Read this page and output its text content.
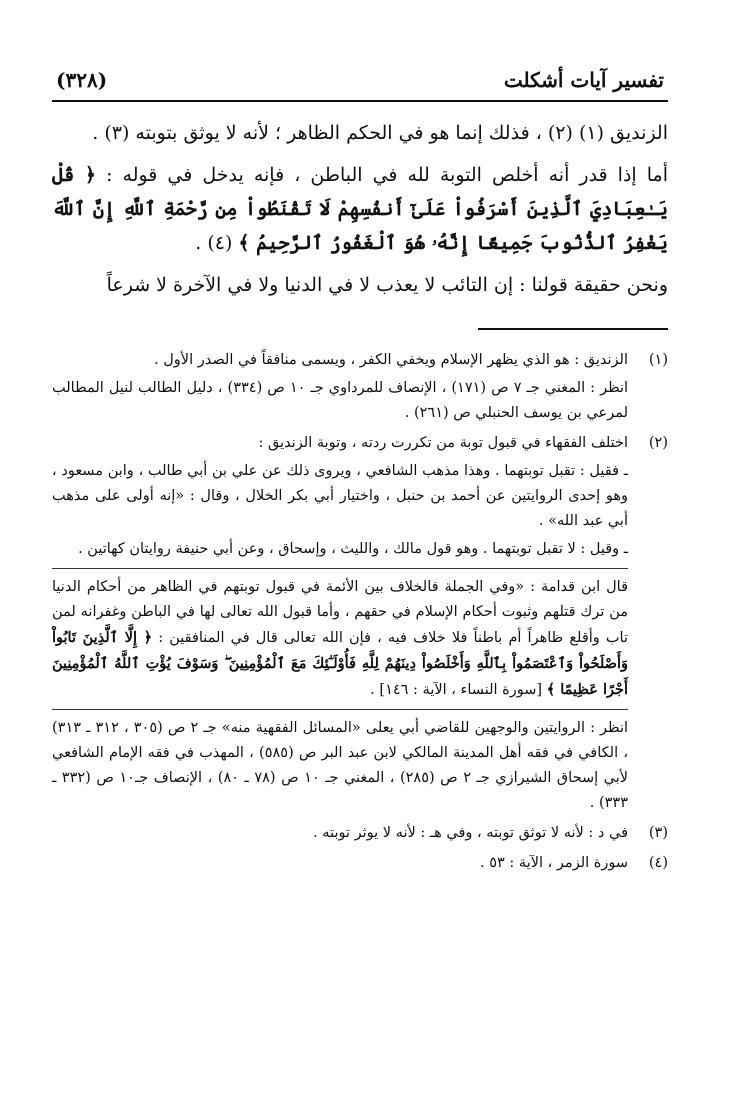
تفسير آيات أشكلت
(٣٢٨)

الزنديق (١) (٢) ، فذلك إنما هو في الحكم الظاهر ؛ لأنه لا يوثق بتوبته (٣) .

أما إذا قدر أنه أخلص التوبة لله في الباطن ، فإنه يدخل في قوله : ﴿ قُلْ يَـٰعِبَادِيَ ٱلَّذِينَ أَسْرَفُواْ عَلَىٰٓ أَنفُسِهِمْ لَا تَقْنَطُواْ مِن رَّحْمَةِ ٱللَّهِ إِنَّ ٱللَّهَ يَغْفِرُ ٱلذُّنُوبَ جَمِيعًا إِنَّهُۥ هُوَ ٱلْغَفُورُ ٱلرَّحِيمُ ﴾ (٤) .

ونحن حقيقة قولنا : إن التائب لا يعذب لا في الدنيا ولا في الآخرة لا شرعاً

(١)

الزنديق : هو الذي يظهر الإسلام ويخفي الكفر ، ويسمى منافقاً في الصدر الأول .

انظر : المغني جـ ٧ ص (١٧١) ، الإنصاف للمرداوي جـ ١٠ ص (٣٣٤) ، دليل الطالب لنيل المطالب لمرعي بن يوسف الحنبلي ص (٢٦١) .

(٢)

اختلف الفقهاء في قبول توبة من تكررت ردته ، وتوبة الزنديق :

ـ فقيل : تقبل توبتهما . وهذا مذهب الشافعي ، ويروى ذلك عن علي بن أبي طالب ، وابن مسعود ، وهو إحدى الروايتين عن أحمد بن حنبل ، واختيار أبي بكر الخلال ، وقال : «إنه أولى على مذهب أبي عبد الله» .

ـ وقيل : لا تقبل توبتهما . وهو قول مالك ، والليث ، وإسحاق ، وعن أبي حنيفة روايتان كهاتين .

قال ابن قدامة : «وفي الجملة فالخلاف بين الأئمة في قبول توبتهم في الظاهر من أحكام الدنيا من ترك قتلهم وثبوت أحكام الإسلام في حقهم ، وأما قبول الله تعالى لها في الباطن وغفرانه لمن تاب وأقلع ظاهراً أم باطناً فلا خلاف فيه ، فإن الله تعالى قال في المنافقين : ﴿ إِلَّا ٱلَّذِينَ تَابُواْ وَأَصْلَحُواْ وَٱعْتَصَمُواْ بِٱللَّهِ وَأَخْلَصُواْ دِينَهُمْ لِلَّهِ فَأُوْلَـٰٓئِكَ مَعَ ٱلْمُؤْمِنِينَ ۖ وَسَوْفَ يُؤْتِ ٱللَّهُ ٱلْمُؤْمِنِينَ أَجْرًا عَظِيمًا ﴾ [سورة النساء ، الآية : ١٤٦] .

انظر : الروايتين والوجهين للقاضي أبي يعلى «المسائل الفقهية منه» جـ ٢ ص (٣٠٥ ، ٣١٢ ـ ٣١٣) ، الكافي في فقه أهل المدينة المالكي لابن عبد البر ص (٥٨٥) ، المهذب في فقه الإمام الشافعي لأبي إسحاق الشيرازي جـ ٢ ص (٢٨٥) ، المغني جـ ١٠ ص (٧٨ ـ ٨٠) ، الإنصاف جـ١٠ ص (٣٣٢ ـ ٣٣٣) .

(٣)

في د : لأنه لا توثق توبته ، وفي هـ : لأنه لا يوثر توبته .

(٤)

سورة الزمر ، الآية : ٥٣ .
